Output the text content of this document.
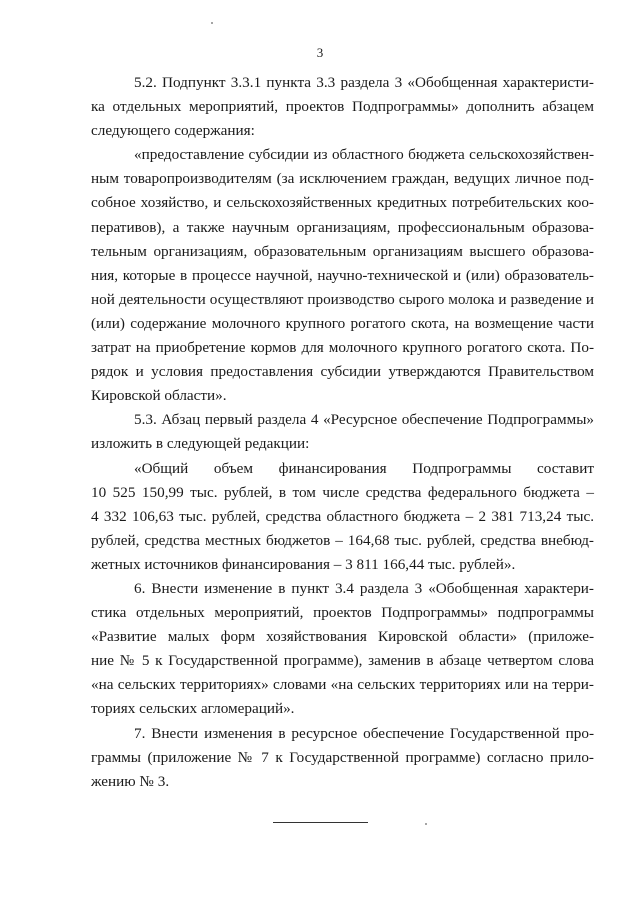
3
5.2. Подпункт 3.3.1 пункта 3.3 раздела 3 «Обобщенная характеристи-
ка отдельных мероприятий, проектов Подпрограммы» дополнить абзацем
следующего содержания:
«предоставление субсидии из областного бюджета сельскохозяйствен-
ным товаропроизводителям (за исключением граждан, ведущих личное под-
собное хозяйство, и сельскохозяйственных кредитных потребительских коо-
перативов), а также научным организациям, профессиональным образова-
тельным организациям, образовательным организациям высшего образова-
ния, которые в процессе научной, научно-технической и (или) образователь-
ной деятельности осуществляют производство сырого молока и разведение и
(или) содержание молочного крупного рогатого скота, на возмещение части
затрат на приобретение кормов для молочного крупного рогатого скота. По-
рядок и условия предоставления субсидии утверждаются Правительством
Кировской области».
5.3. Абзац первый раздела 4 «Ресурсное обеспечение Подпрограммы»
изложить в следующей редакции:
«Общий объем финансирования Подпрограммы составит
10 525 150,99 тыс. рублей, в том числе средства федерального бюджета –
4 332 106,63 тыс. рублей, средства областного бюджета – 2 381 713,24 тыс.
рублей, средства местных бюджетов – 164,68 тыс. рублей, средства внебюд-
жетных источников финансирования – 3 811 166,44 тыс. рублей».
6. Внести изменение в пункт 3.4 раздела 3 «Обобщенная характери-
стика отдельных мероприятий, проектов Подпрограммы» подпрограммы
«Развитие малых форм хозяйствования Кировской области» (приложе-
ние № 5 к Государственной программе), заменив в абзаце четвертом слова
«на сельских территориях» словами «на сельских территориях или на терри-
ториях сельских агломераций».
7. Внести изменения в ресурсное обеспечение Государственной про-
граммы (приложение № 7 к Государственной программе) согласно прило-
жению № 3.
